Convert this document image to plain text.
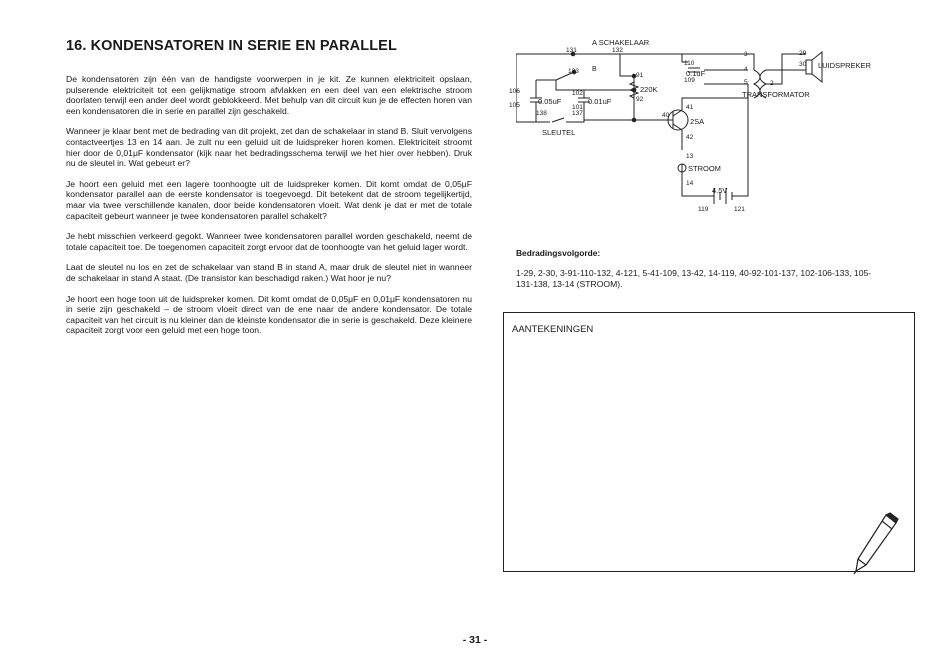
16. KONDENSATOREN IN SERIE EN PARALLEL

De kondensatoren zijn één van de handigste voorwerpen in je kit. Ze kunnen elektriciteit opslaan, pulserende elektriciteit tot een gelijkmatige stroom afvlakken en een deel van een elektrische stroom doorlaten terwijl een ander deel wordt geblokkeerd. Met behulp van dit circuit kun je de effecten horen van een kondensatoren die in serie en parallel zijn geschakeld.

Wanneer je klaar bent met de bedrading van dit projekt, zet dan de schakelaar in stand B. Sluit vervolgens contactveertjes 13 en 14 aan. Je zult nu een geluid uit de luidspreker horen komen. Elektriciteit stroomt hier door de 0,01μF kondensator (kijk naar het bedradingsschema terwijl we het hier over hebben). Druk nu de sleutel in. Wat gebeurt er?

Je hoort een geluid met een lagere toonhoogte uit de luidspreker komen. Dit komt omdat de 0,05μF kondensator parallel aan de eerste kondensator is toegevoegd. Dit betekent dat de stroom tegelijkertijd, maar via twee verschillende kanalen, door beide kondensatoren vloeit. Wat denk je dat er met de totale capaciteit gebeurt wanneer je twee kondensatoren parallel schakelt?

Je hebt misschien verkeerd gegokt. Wanneer twee kondensatoren parallel worden geschakeld, neemt de totale capaciteit toe. De toegenomen capaciteit zorgt ervoor dat de toonhoogte van het geluid lager wordt.

Laat de sleutel nu los en zet de schakelaar van stand B in stand A, maar druk de sleutel niet in wanneer de schakelaar in stand A staat. (De transistor kan beschadigd raken.) Wat hoor je nu?

Je hoort een hoge toon uit de luidspreker komen. Dit komt omdat de 0,05μF en 0,01μF kondensatoren nu in serie zijn geschakeld – de stroom vloeit direct van de ene naar de andere kondensator. De totale capaciteit van het circuit is nu kleiner dan de kleinste kondensator die in serie is geschakeld. Deze kleinere capaciteit zorgt voor een geluid met een hoge toon.

A SCHAKELAAR
131	132
133 B
106
105
102
101
0.05uF	0.01uF
91
220K
92
138	137
SLEUTEL
110
0.1uF
109
41
40
2SA
42
13
STROOM
14
4.5V
119	121
3
4
5	2
TRANSFORMATOR
29
30 LUIDSPREKER
Bedradingsvolgorde:
1-29, 2-30, 3-91-110-132, 4-121, 5-41-109, 13-42, 14-119, 40-92-101-137, 102-106-133, 105-131-138, 13-14 (STROOM).
AANTEKENINGEN
- 31 -
